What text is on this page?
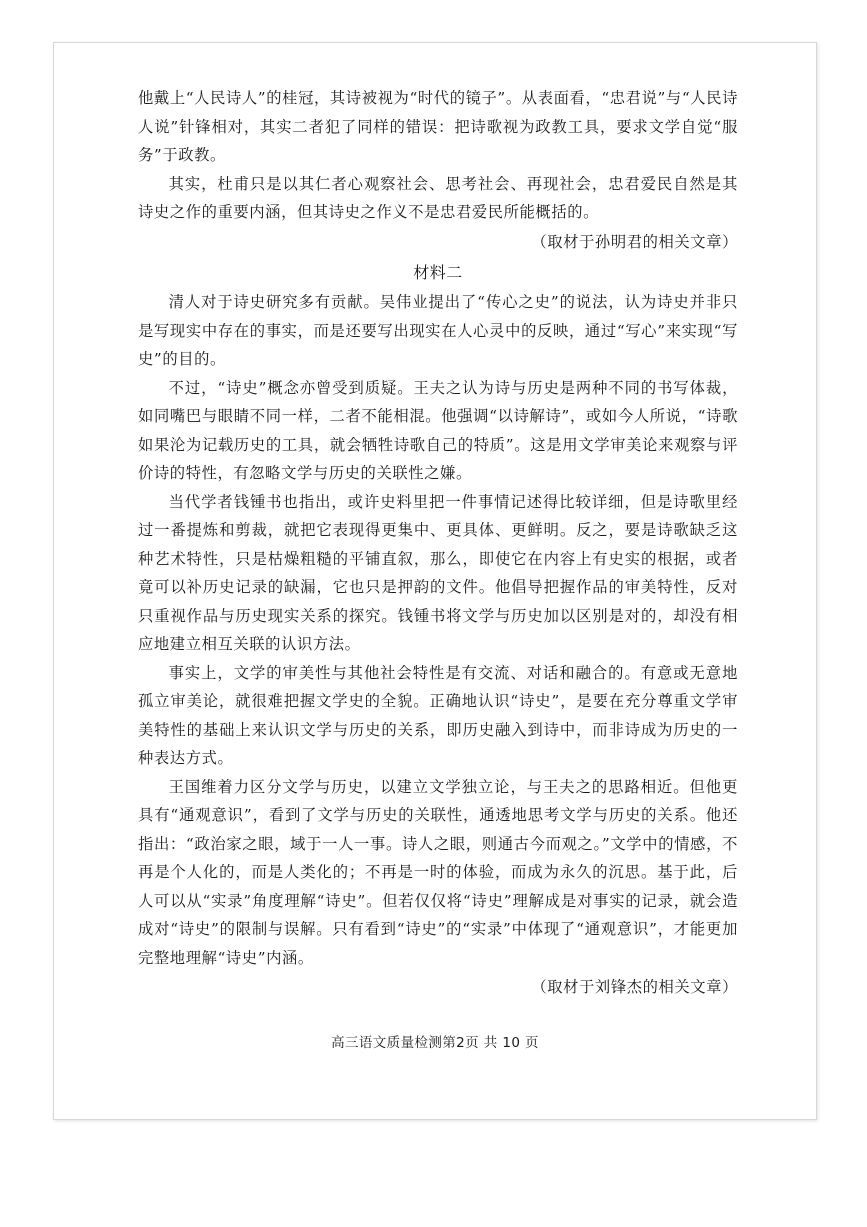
他戴上“人民诗人”的桂冠，其诗被视为“时代的镜子”。从表面看，“忠君说”与“人民诗人说”针锋相对，其实二者犯了同样的错误：把诗歌视为政教工具，要求文学自觉“服务”于政教。

其实，杜甫只是以其仁者心观察社会、思考社会、再现社会，忠君爱民自然是其诗史之作的重要内涵，但其诗史之作义不是忠君爱民所能概括的。

（取材于孙明君的相关文章）

材料二

清人对于诗史研究多有贡献。吴伟业提出了“传心之史”的说法，认为诗史并非只是写现实中存在的事实，而是还要写出现实在人心灵中的反映，通过“写心”来实现“写史”的目的。

不过，“诗史”概念亦曾受到质疑。王夫之认为诗与历史是两种不同的书写体裁，如同嘴巴与眼睛不同一样，二者不能相混。他强调“以诗解诗”，或如今人所说，“诗歌如果沦为记载历史的工具，就会牺牲诗歌自己的特质”。这是用文学审美论来观察与评价诗的特性，有忽略文学与历史的关联性之嫌。

当代学者钱锺书也指出，或许史料里把一件事情记述得比较详细，但是诗歌里经过一番提炼和剪裁，就把它表现得更集中、更具体、更鲜明。反之，要是诗歌缺乏这种艺术特性，只是枯燥粗糙的平铺直叙，那么，即使它在内容上有史实的根据，或者竟可以补历史记录的缺漏，它也只是押韵的文件。他倡导把握作品的审美特性，反对只重视作品与历史现实关系的探究。钱锺书将文学与历史加以区别是对的，却没有相应地建立相互关联的认识方法。

事实上，文学的审美性与其他社会特性是有交流、对话和融合的。有意或无意地孤立审美论，就很难把握文学史的全貌。正确地认识“诗史”，是要在充分尊重文学审美特性的基础上来认识文学与历史的关系，即历史融入到诗中，而非诗成为历史的一种表达方式。

王国维着力区分文学与历史，以建立文学独立论，与王夫之的思路相近。但他更具有“通观意识”，看到了文学与历史的关联性，通透地思考文学与历史的关系。他还指出：“政治家之眼，域于一人一事。诗人之眼，则通古今而观之。”文学中的情感，不再是个人化的，而是人类化的；不再是一时的体验，而成为永久的沉思。基于此，后人可以从“实录”角度理解“诗史”。但若仅仅将“诗史”理解成是对事实的记录，就会造成对“诗史”的限制与误解。只有看到“诗史”的“实录”中体现了“通观意识”，才能更加完整地理解“诗史”内涵。

（取材于刘锋杰的相关文章）

高三语文质量检测第2页 共 10 页
